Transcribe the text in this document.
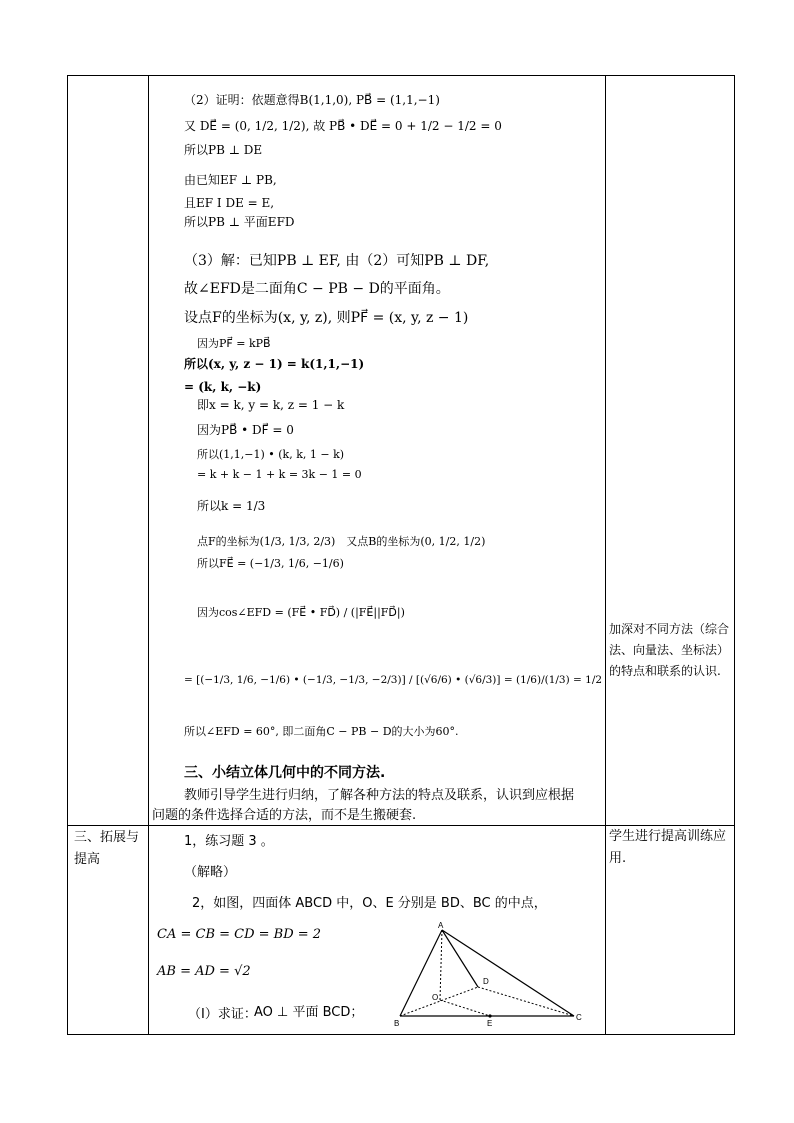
（2）证明：依题意得B(1,1,0), PB⃗ = (1,1,−1)
又 DE⃗ = (0, 1/2, 1/2), 故 PB⃗ • DE⃗ = 0 + 1/2 − 1/2 = 0
所以PB ⊥ DE
由已知EF ⊥ PB,
且EF I DE = E,
所以PB ⊥ 平面EFD
（3）解：已知PB ⊥ EF, 由（2）可知PB ⊥ DF,
故∠EFD是二面角C − PB − D的平面角。
设点F的坐标为(x, y, z), 则PF⃗ = (x, y, z − 1)
因为PF⃗ = kPB⃗
所以(x, y, z − 1) = k(1,1,−1)
= (k, k, −k)
即x = k, y = k, z = 1 − k
因为PB⃗ • DF⃗ = 0
所以(1,1,−1) • (k, k, 1 − k)
= k + k − 1 + k = 3k − 1 = 0
所以k = 1/3
点F的坐标为(1/3, 1/3, 2/3)　又点B的坐标为(0, 1/2, 1/2)
所以FE⃗ = (−1/3, 1/6, −1/6)
因为cos∠EFD = (FE⃗ • FD⃗) / (|FE⃗||FD⃗|)
= [(−1/3, 1/6, −1/6) • (−1/3, −1/3, −2/3)] / [(√6/6) • (√6/3)] = (1/6)/(1/3) = 1/2
所以∠EFD = 60°, 即二面角C − PB − D的大小为60°.
三、小结立体几何中的不同方法.
教师引导学生进行归纳，了解各种方法的特点及联系，认识到应根据
问题的条件选择合适的方法，而不是生搬硬套.
三、拓展与提高
1，练习题 3 。
（解略）
2，如图，四面体 ABCD 中，O、E 分别是 BD、BC 的中点，
CA = CB = CD = BD = 2
AB = AD = √2
（I）求证：
AO ⊥ 平面 BCD；
加深对不同方法（综合法、向量法、坐标法）的特点和联系的认识.
学生进行提高训练应用.
A
B
C
D
E
O
